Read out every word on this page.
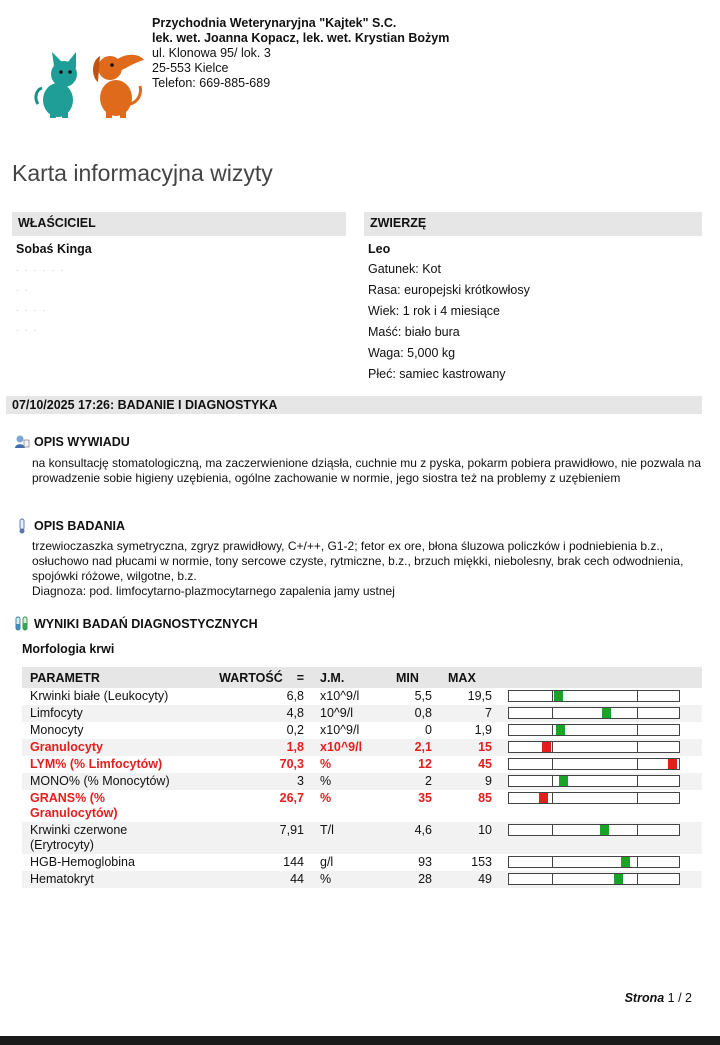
Przychodnia Weterynaryjna "Kajtek" S.C.
lek. wet. Joanna Kopacz, lek. wet. Krystian Bożym
ul. Klonowa 95/ lok. 3
25-553 Kielce
Telefon: 669-885-689
Karta informacyjna wizyty
WŁAŚCICIEL
Sobaś Kinga
· · · · · ·
· ·
· · · ·
· · ·
ZWIERZĘ
Leo
Gatunek: Kot
Rasa: europejski krótkowłosy
Wiek: 1 rok i 4 miesiące
Maść: biało bura
Waga: 5,000 kg
Płeć: samiec kastrowany
07/10/2025 17:26: BADANIE I DIAGNOSTYKA
OPIS WYWIADU
na konsultację stomatologiczną, ma zaczerwienione dziąsła, cuchnie mu z pyska, pokarm pobiera prawidłowo, nie pozwala na prowadzenie sobie higieny uzębienia, ogólne zachowanie w normie, jego siostra też na problemy z uzębieniem
OPIS BADANIA
trzewioczaszka symetryczna, zgryz prawidłowy, C+/++, G1-2; fetor ex ore, błona śluzowa policzków i podniebienia b.z., osłuchowo nad płucami w normie, tony sercowe czyste, rytmiczne, b.z., brzuch miękki, niebolesny, brak cech odwodnienia, spojówki różowe, wilgotne, b.z.
Diagnoza: pod. limfocytarno-plazmocytarnego zapalenia jamy ustnej
WYNIKI BADAŃ DIAGNOSTYCZNYCH
Morfologia krwi
PARAMETR	WARTOŚĆ =	J.M.	MIN	MAX	
Krwinki białe (Leukocyty)	6,8	x10^9/l	5,5	19,5	

Limfocyty	4,8	10^9/l	0,8	7	

Monocyty	0,2	x10^9/l	0	1,9	

Granulocyty	1,8	x10^9/l	2,1	15	

LYM% (% Limfocytów)	70,3	%	12	45	

MONO% (% Monocytów)	3	%	2	9	

GRANS% (% Granulocytów)	26,7	%	35	85	

Krwinki czerwone (Erytrocyty)	7,91	T/l	4,6	10	

HGB-Hemoglobina	144	g/l	93	153	

Hematokryt	44	%	28	49	
Strona 1 / 2
